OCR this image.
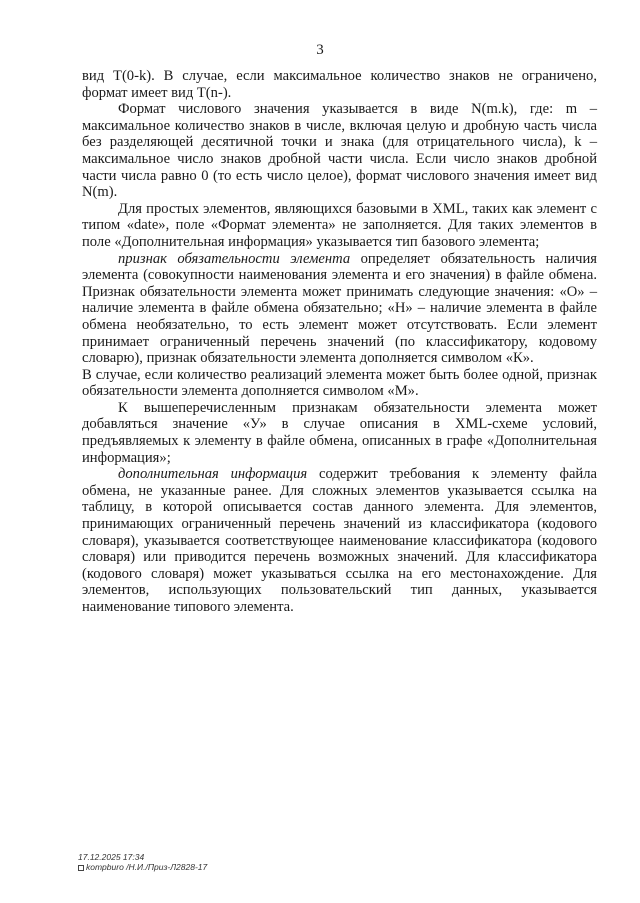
3

вид T(0-k). В случае, если максимальное количество знаков не ограничено, формат имеет вид T(n-).

Формат числового значения указывается в виде N(m.k), где: m – максимальное количество знаков в числе, включая целую и дробную часть числа без разделяющей десятичной точки и знака (для отрицательного числа), k – максимальное число знаков дробной части числа. Если число знаков дробной части числа равно 0 (то есть число целое), формат числового значения имеет вид N(m).

Для простых элементов, являющихся базовыми в XML, таких как элемент с типом «date», поле «Формат элемента» не заполняется. Для таких элементов в поле «Дополнительная информация» указывается тип базового элемента;

признак обязательности элемента определяет обязательность наличия элемента (совокупности наименования элемента и его значения) в файле обмена. Признак обязательности элемента может принимать следующие значения: «О» – наличие элемента в файле обмена обязательно; «Н» – наличие элемента в файле обмена необязательно, то есть элемент может отсутствовать. Если элемент принимает ограниченный перечень значений (по классификатору, кодовому словарю), признак обязательности элемента дополняется символом «К».

В случае, если количество реализаций элемента может быть более одной, признак обязательности элемента дополняется символом «М».

К вышеперечисленным признакам обязательности элемента может добавляться значение «У» в случае описания в XML-схеме условий, предъявляемых к элементу в файле обмена, описанных в графе «Дополнительная информация»;

дополнительная информация содержит требования к элементу файла обмена, не указанные ранее. Для сложных элементов указывается ссылка на таблицу, в которой описывается состав данного элемента. Для элементов, принимающих ограниченный перечень значений из классификатора (кодового словаря), указывается соответствующее наименование классификатора (кодового словаря) или приводится перечень возможных значений. Для классификатора (кодового словаря) может указываться ссылка на его местонахождение. Для элементов, использующих пользовательский тип данных, указывается наименование типового элемента.

17.12.2025 17:34
kompburo /Н.И./Приз-Л2828-17
